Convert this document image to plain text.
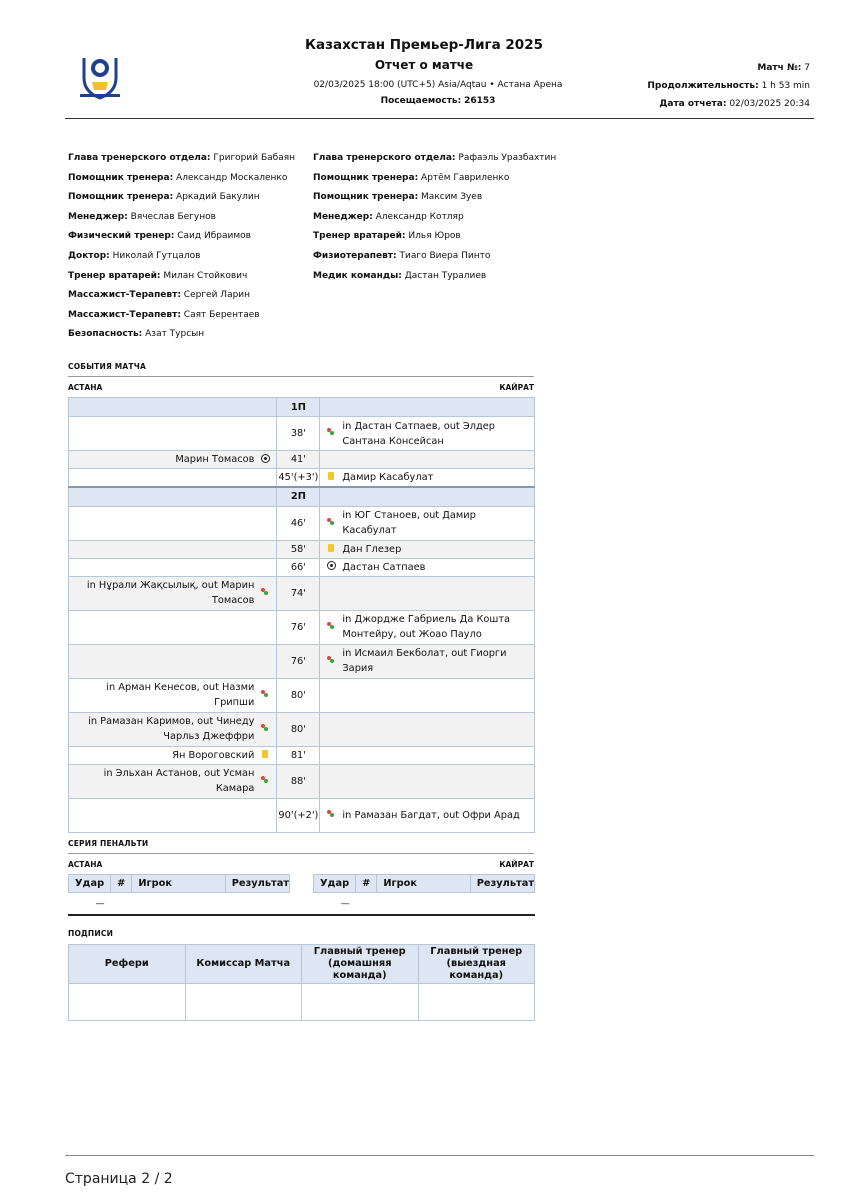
Казахстан Премьер-Лига 2025
Отчет о матче
02/03/2025 18:00 (UTC+5) Asia/Aqtau • Астана Арена
Посещаемость: 26153
Матч №: 7
Продолжительность: 1 h 53 min
Дата отчета: 02/03/2025 20:34
Глава тренерского отдела: Григорий Бабаян
Помощник тренера: Александр Москаленко
Помощник тренера: Аркадий Бакулин
Менеджер: Вячеслав Бегунов
Физический тренер: Саид Ибраимов
Доктор: Николай Гутцалов
Тренер вратарей: Милан Стойкович
Массажист-Терапевт: Сергей Ларин
Массажист-Терапевт: Саят Берентаев
Безопасность: Азат Турсын
Глава тренерского отдела: Рафаэль Уразбахтин
Помощник тренера: Артём Гавриленко
Помощник тренера: Максим Зуев
Менеджер: Александр Котляр
Тренер вратарей: Илья Юров
Физиотерапевт: Тиаго Виера Пинто
Медик команды: Дастан Туралиев
СОБЫТИЯ МАТЧА
АСТАНА	КАЙРАТ
		1П		
		38'		in Дастан Сатпаев, out Элдер Сантана Консейсан
Марин Томасов		41'		
		45'(+3')		Дамир Касабулат
		2П		
		46'		in ЮГ Станоев, out Дамир Касабулат
		58'		Дан Глезер
		66'		Дастан Сатпаев
in Нұрали Жақсылық, out Марин Томасов		74'		
		76'		in Джордже Габриель Да Кошта Монтейру, out Жоао Пауло
		76'		in Исмаил Бекболат, out Гиорги Зария
in Арман Кенесов, out Назми Грипши		80'		
in Рамазан Каримов, out Чинеду Чарльз Джеффри		80'		
Ян Вороговский		81'		
in Эльхан Астанов, out Усман Камара		88'		
		90'(+2')		in Рамазан Багдат, out Офри Арад
СЕРИЯ ПЕНАЛЬТИ
АСТАНА	КАЙРАТ
Удар	#	Игрок	Результат
—			
Удар	#	Игрок	Результат
—			
ПОДПИСИ
Рефери	Комиссар Матча	Главный тренер (домашняя команда)	Главный тренер (выездная команда)

Страница 2 / 2
